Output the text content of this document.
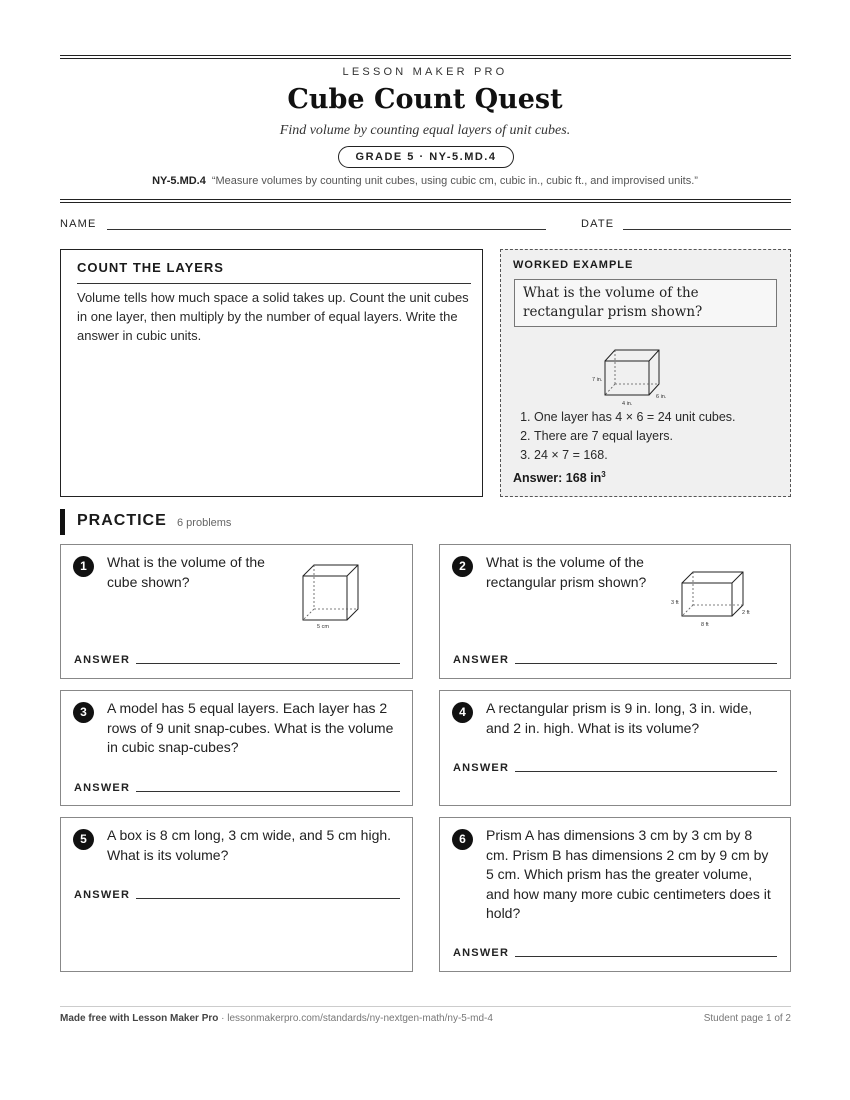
LESSON MAKER PRO
Cube Count Quest
Find volume by counting equal layers of unit cubes.
GRADE 5 · NY-5.MD.4
NY-5.MD.4 “Measure volumes by counting unit cubes, using cubic cm, cubic in., cubic ft., and improvised units.”
NAME	DATE
COUNT THE LAYERS

Volume tells how much space a solid takes up. Count the unit cubes in one layer, then multiply by the number of equal layers. Write the answer in cubic units.

WORKED EXAMPLE
What is the volume of the rectangular prism shown?
7 in.
6 in.
4 in.
1. One layer has 4 × 6 = 24 unit cubes.
2. There are 7 equal layers.
3. 24 × 7 = 168.
Answer: 168 $in^3$
PRACTICE 6 problems
1	What is the volume of the cube shown?
5 cm
ANSWER
2	What is the volume of the rectangular prism shown?
3 ft
2 ft
8 ft
ANSWER
3	A model has 5 equal layers. Each layer has 2 rows of 9 unit snap-cubes. What is the volume in cubic snap-cubes?
ANSWER
4	A rectangular prism is 9 in. long, 3 in. wide, and 2 in. high. What is its volume?
ANSWER
5	A box is 8 cm long, 3 cm wide, and 5 cm high. What is its volume?
ANSWER
6	Prism A has dimensions 3 cm by 3 cm by 8 cm. Prism B has dimensions 2 cm by 9 cm by 5 cm. Which prism has the greater volume, and how many more cubic centimeters does it hold?
ANSWER
Made free with Lesson Maker Pro · lessonmakerpro.com/standards/ny-nextgen-math/ny-5-md-4	Student page 1 of 2
